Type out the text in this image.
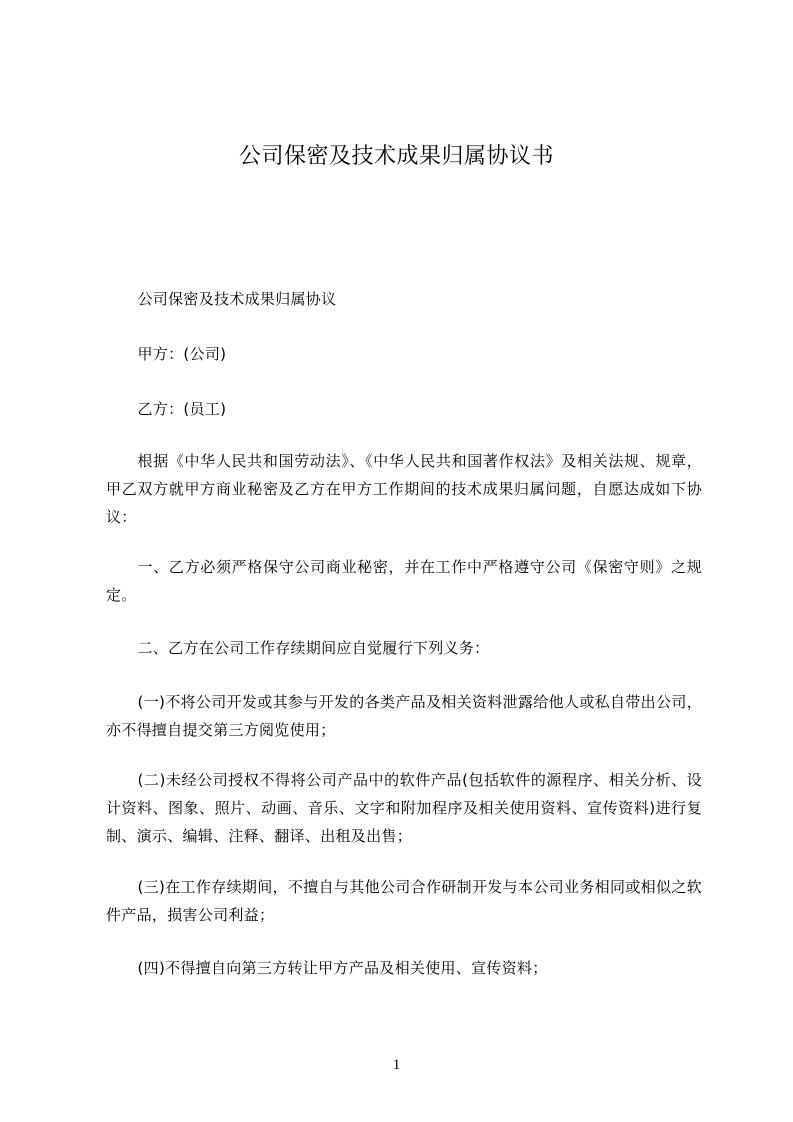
公司保密及技术成果归属协议书
公司保密及技术成果归属协议
甲方：(公司)
乙方：(员工)
根据《中华人民共和国劳动法》、《中华人民共和国著作权法》及相关法规、规章，甲乙双方就甲方商业秘密及乙方在甲方工作期间的技术成果归属问题，自愿达成如下协议：
一、乙方必须严格保守公司商业秘密，并在工作中严格遵守公司《保密守则》之规定。
二、乙方在公司工作存续期间应自觉履行下列义务：
(一)不将公司开发或其参与开发的各类产品及相关资料泄露给他人或私自带出公司，亦不得擅自提交第三方阅览使用；
(二)未经公司授权不得将公司产品中的软件产品(包括软件的源程序、相关分析、设计资料、图象、照片、动画、音乐、文字和附加程序及相关使用资料、宣传资料)进行复制、演示、编辑、注释、翻译、出租及出售；
(三)在工作存续期间，不擅自与其他公司合作研制开发与本公司业务相同或相似之软件产品，损害公司利益；
(四)不得擅自向第三方转让甲方产品及相关使用、宣传资料；
1
